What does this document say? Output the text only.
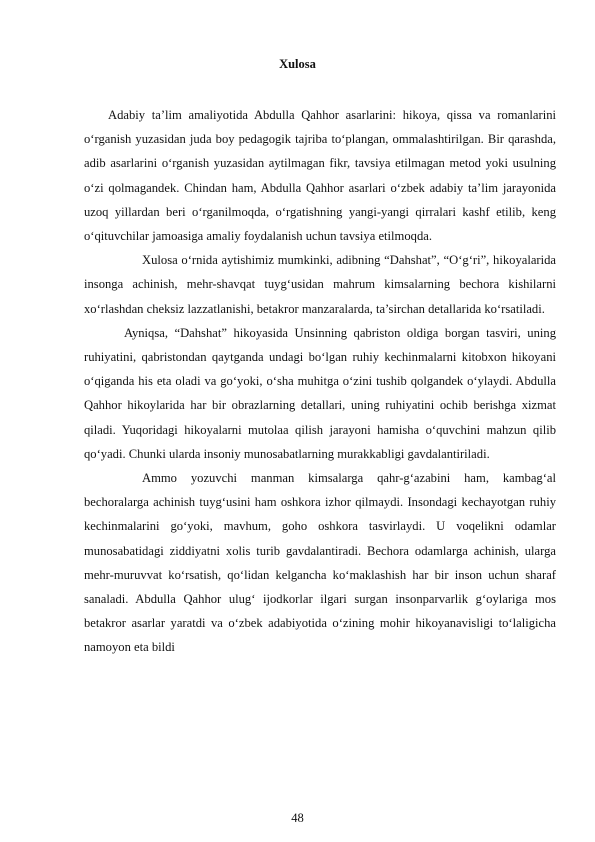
Xulosa

Adabiy ta’lim amaliyotida Abdulla Qahhor asarlarini: hikoya, qissa va romanlarini o‘rganish yuzasidan juda boy pedagogik tajriba to‘plangan, ommalashtirilgan. Bir qarashda, adib asarlarini o‘rganish yuzasidan aytilmagan fikr, tavsiya etilmagan metod yoki usulning o‘zi qolmagandek. Chindan ham, Abdulla Qahhor asarlari o‘zbek adabiy ta’lim jarayonida uzoq yillardan beri o‘rganilmoqda, o‘rgatishning yangi-yangi qirralari kashf etilib, keng o‘qituvchilar jamoasiga amaliy foydalanish uchun tavsiya etilmoqda.

Xulosa o‘rnida aytishimiz mumkinki, adibning “Dahshat”, “O‘g‘ri”, hikoyalarida insonga achinish, mehr-shavqat tuyg‘usidan mahrum kimsalarning bechora kishilarni xo‘rlashdan cheksiz lazzatlanishi, betakror manzaralarda, ta’sirchan detallarida ko‘rsatiladi.

Ayniqsa, “Dahshat” hikoyasida Unsinning qabriston oldiga borgan tasviri, uning ruhiyatini, qabristondan qaytganda undagi bo‘lgan ruhiy kechinmalarni kitobxon hikoyani o‘qiganda his eta oladi va go‘yoki, o‘sha muhitga o‘zini tushib qolgandek o‘ylaydi. Abdulla Qahhor hikoylarida har bir obrazlarning detallari, uning ruhiyatini ochib berishga xizmat qiladi. Yuqoridagi hikoyalarni mutolaa qilish jarayoni hamisha o‘quvchini mahzun qilib qo‘yadi. Chunki ularda insoniy munosabatlarning murakkabligi gavdalantiriladi.

Ammo yozuvchi manman kimsalarga qahr-g‘azabini ham, kambag‘al bechoralarga achinish tuyg‘usini ham oshkora izhor qilmaydi. Insondagi kechayotgan ruhiy kechinmalarini go‘yoki, mavhum, goho oshkora tasvirlaydi. U voqelikni odamlar munosabatidagi ziddiyatni xolis turib gavdalantiradi. Bechora odamlarga achinish, ularga mehr-muruvvat ko‘rsatish, qo‘lidan kelgancha ko‘maklashish har bir inson uchun sharaf sanaladi. Abdulla Qahhor ulug‘ ijodkorlar ilgari surgan insonparvarlik g‘oylariga mos betakror asarlar yaratdi va o‘zbek adabiyotida o‘zining mohir hikoyanavisligi to‘laligicha namoyon eta bildi

48
